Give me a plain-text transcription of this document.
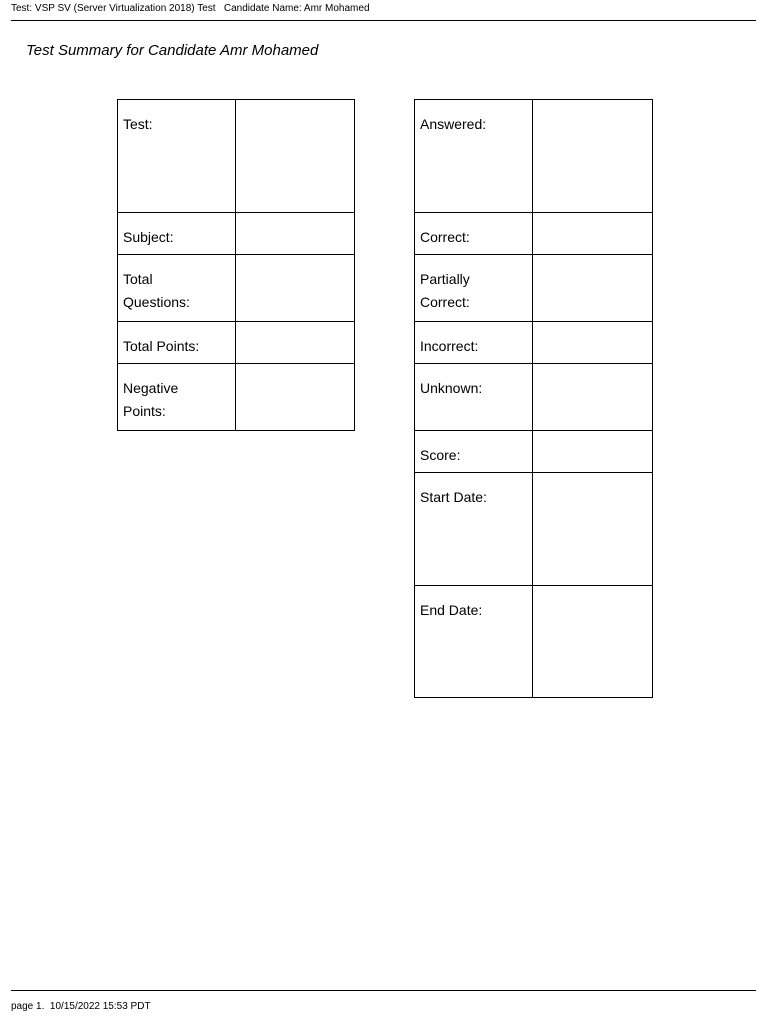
Test: VSP SV (Server Virtualization 2018) Test   Candidate Name: Amr Mohamed
Test Summary for Candidate Amr Mohamed
Test:	
Subject:	
Total
Questions:	
Total Points:	
Negative
Points:	
Answered:	
Correct:	
Partially
Correct:	
Incorrect:	
Unknown:	
Score:	
Start Date:	
End Date:	
page 1.  10/15/2022 15:53 PDT
